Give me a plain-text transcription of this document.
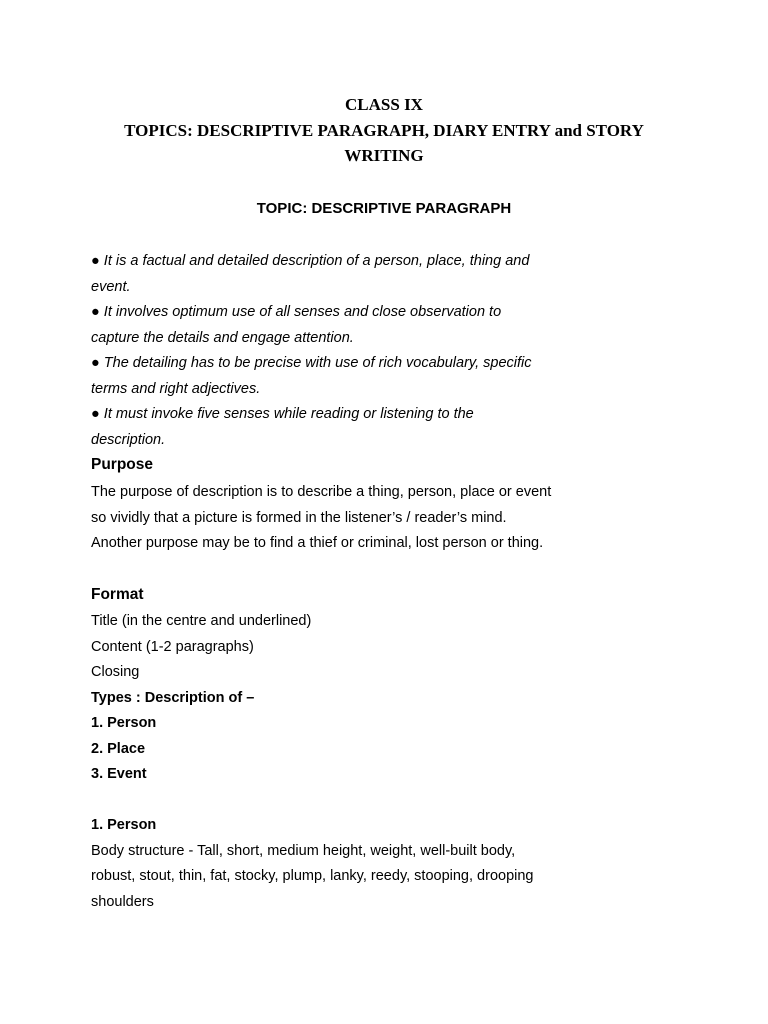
CLASS IX

TOPICS: DESCRIPTIVE PARAGRAPH, DIARY ENTRY and STORY

WRITING

TOPIC: DESCRIPTIVE PARAGRAPH

● It is a factual and detailed description of a person, place, thing and
event.
● It involves optimum use of all senses and close observation to
capture the details and engage attention.
● The detailing has to be precise with use of rich vocabulary, specific
terms and right adjectives.
● It must invoke five senses while reading or listening to the
description.

Purpose

The purpose of description is to describe a thing, person, place or event
so vividly that a picture is formed in the listener’s / reader’s mind.
Another purpose may be to find a thief or criminal, lost person or thing.

Format

Title (in the centre and underlined)
Content (1-2 paragraphs)
Closing
Types : Description of –
1. Person
2. Place
3. Event
1. Person
Body structure - Tall, short, medium height, weight, well-built body,
robust, stout, thin, fat, stocky, plump, lanky, reedy, stooping, drooping
shoulders
